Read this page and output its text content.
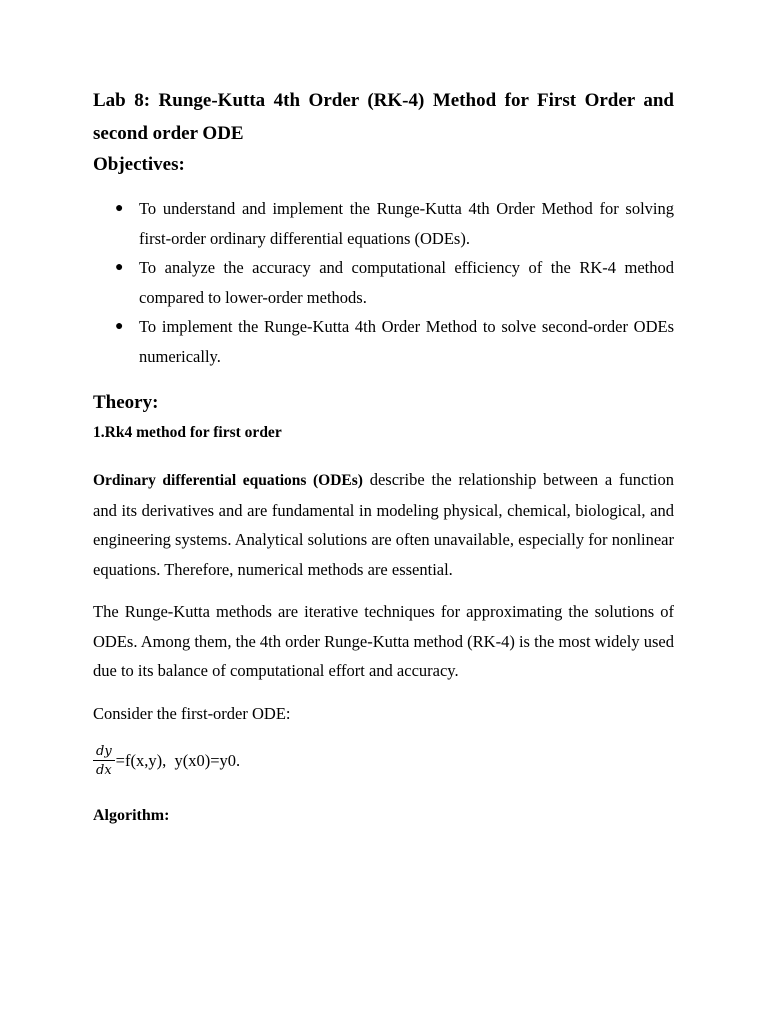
Lab 8: Runge-Kutta 4th Order (RK-4) Method for First Order and second order ODE
Objectives:
● To understand and implement the Runge-Kutta 4th Order Method for solving first-order ordinary differential equations (ODEs).
● To analyze the accuracy and computational efficiency of the RK-4 method compared to lower-order methods.
● To implement the Runge-Kutta 4th Order Method to solve second-order ODEs numerically.
Theory:
1.Rk4 method for first order

Ordinary differential equations (ODEs) describe the relationship between a function and its derivatives and are fundamental in modeling physical, chemical, biological, and engineering systems. Analytical solutions are often unavailable, especially for nonlinear equations. Therefore, numerical methods are essential.

The Runge-Kutta methods are iterative techniques for approximating the solutions of ODEs. Among them, the 4th order Runge-Kutta method (RK-4) is the most widely used due to its balance of computational effort and accuracy.

Consider the first-order ODE:

$\frac{dy}{dx} =f(x,y)$,  y(x0)=y0.
Algorithm:
